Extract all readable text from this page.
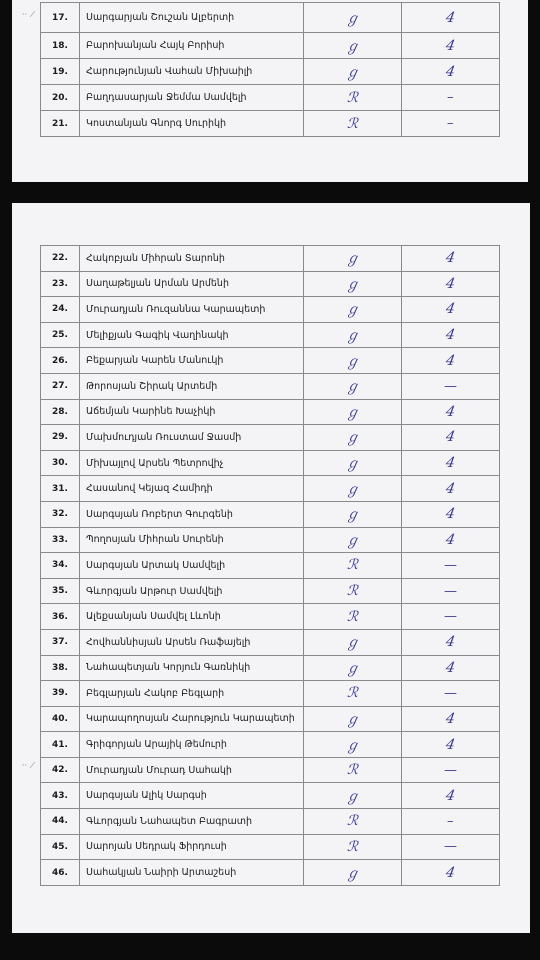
·· ⟋ 17.	Սարգարյան Շուշան Ալբերտի	ℊ	4
18.	Բարոխանյան Հայկ Բորիսի	ℊ	4
19.	Հարությունյան Վահան Միխաիլի	ℊ	4
20.	Բաղդասարյան Ջեմմա Սամվելի	ℛ	–
21.	Կոստանյան Գնորգ Սուրիկի	ℛ	–
·· ⟋
22.	Հակոբյան Միհրան Տարոնի	ℊ	4
23.	Սաղաթելյան Արման Արմենի	ℊ	4
24.	Մուրադյան Ռուզաննա Կարապետի	ℊ	4
25.	Մելիքյան Գագիկ Վաղինակի	ℊ	4
26.	Բեքարյան Կարեն Մանուկի	ℊ	4
27.	Թորոսյան Շիրակ Արտեմի	ℊ	—
28.	Աճեմյան Կարինե Խաչիկի	ℊ	4
29.	Մախմուդյան Ռուստամ Ջասմի	ℊ	4
30.	Միխայլով Արսեն Պետրովիչ	ℊ	4
31.	Հասանով Կեյազ Համիդի	ℊ	4
32.	Սարգսյան Ռոբերտ Գուրգենի	ℊ	4
33.	Պողոսյան Միհրան Սուրենի	ℊ	4
34.	Սարգսյան Արտակ Սամվելի	ℛ	—
35.	Գևորգյան Արթուր Սամվելի	ℛ	—
36.	Ալեքսանյան Սամվել Լևոնի	ℛ	—
37.	Հովհաննիսյան Արսեն Ռաֆայելի	ℊ	4
38.	Նահապետյան Կորյուն Գառնիկի	ℊ	4
39.	Բեգլարյան Հակոբ Բեգլարի	ℛ	—
40.	Կարապողոսյան Հարություն Կարապետի	ℊ	4
41.	Գրիգորյան Արայիկ Թեմուրի	ℊ	4
42.	Մուրադյան Մուրադ Սահակի	ℛ	—
43.	Սարգսյան Ալիկ Սարգսի	ℊ	4
44.	Գևորգյան Նահապետ Բագրատի	ℛ	–
45.	Սարոյան Սեդրակ Ֆիրդուսի	ℛ	—
46.	Սահակյան Նաիրի Արտաշեսի	ℊ	4
